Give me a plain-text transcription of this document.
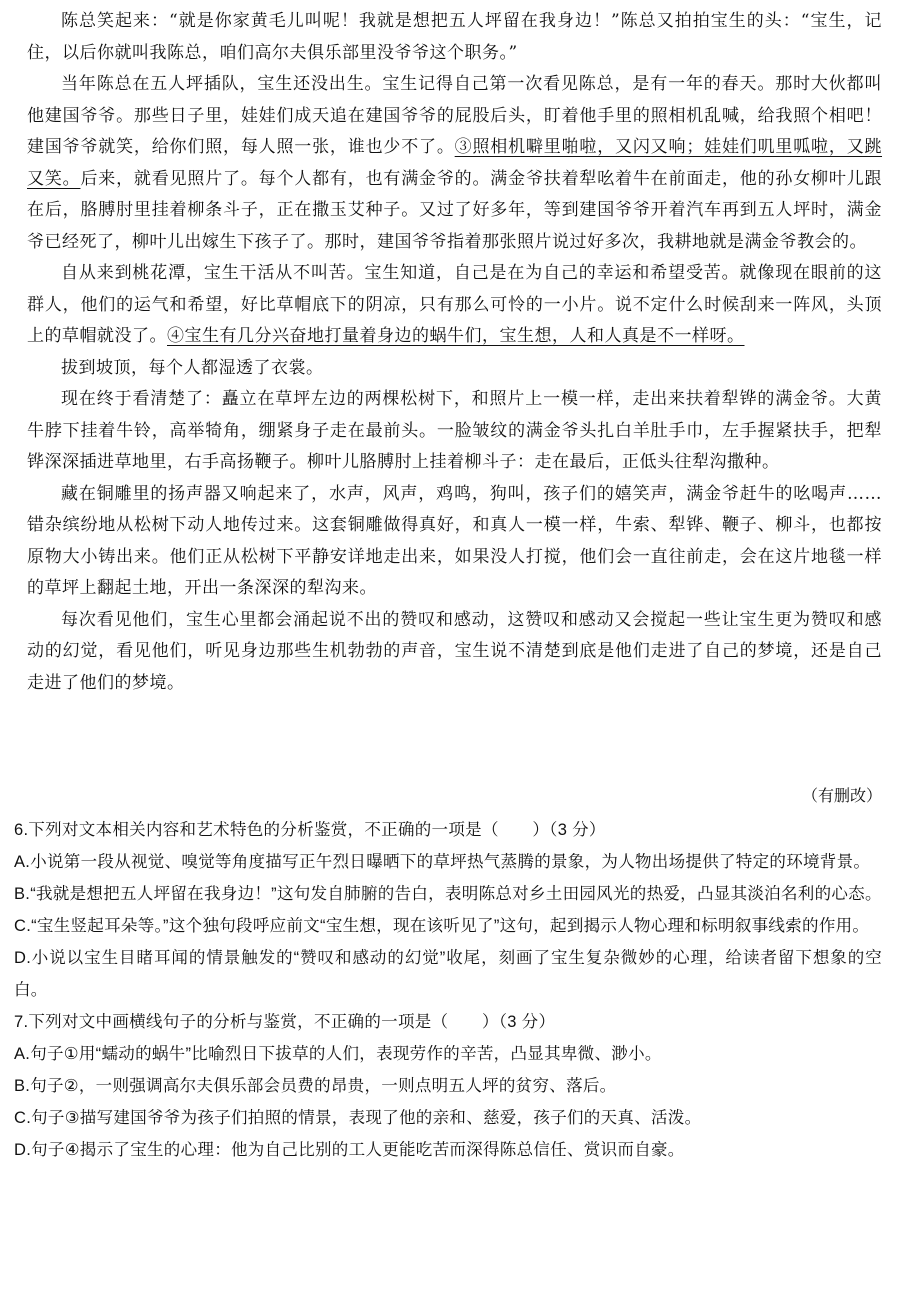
陈总笑起来：“就是你家黄毛儿叫呢！我就是想把五人坪留在我身边！”陈总又拍拍宝生的头：“宝生，记住，以后你就叫我陈总，咱们高尔夫俱乐部里没爷爷这个职务。”

当年陈总在五人坪插队，宝生还没出生。宝生记得自己第一次看见陈总，是有一年的春天。那时大伙都叫他建国爷爷。那些日子里，娃娃们成天追在建国爷爷的屁股后头，盯着他手里的照相机乱喊，给我照个相吧！建国爷爷就笑，给你们照，每人照一张，谁也少不了。③照相机噼里啪啦，又闪又响；娃娃们叽里呱啦，又跳又笑。后来，就看见照片了。每个人都有，也有满金爷的。满金爷扶着犁吆着牛在前面走，他的孙女柳叶儿跟在后，胳膊肘里挂着柳条斗子，正在撒玉艾种子。又过了好多年，等到建国爷爷开着汽车再到五人坪时，满金爷已经死了，柳叶儿出嫁生下孩子了。那时，建国爷爷指着那张照片说过好多次，我耕地就是满金爷教会的。

自从来到桃花潭，宝生干活从不叫苦。宝生知道，自己是在为自己的幸运和希望受苦。就像现在眼前的这群人，他们的运气和希望，好比草帽底下的阴凉，只有那么可怜的一小片。说不定什么时候刮来一阵风，头顶上的草帽就没了。④宝生有几分兴奋地打量着身边的蜗牛们，宝生想，人和人真是不一样呀。

拔到坡顶，每个人都湿透了衣裳。

现在终于看清楚了：矗立在草坪左边的两棵松树下，和照片上一模一样，走出来扶着犁铧的满金爷。大黄牛脖下挂着牛铃，高举犄角，绷紧身子走在最前头。一脸皱纹的满金爷头扎白羊肚手巾，左手握紧扶手，把犁铧深深插进草地里，右手高扬鞭子。柳叶儿胳膊肘上挂着柳斗子：走在最后，正低头往犁沟撒种。

藏在铜雕里的扬声器又响起来了，水声，风声，鸡鸣，狗叫，孩子们的嬉笑声，满金爷赶牛的吆喝声……错杂缤纷地从松树下动人地传过来。这套铜雕做得真好，和真人一模一样，牛索、犁铧、鞭子、柳斗，也都按原物大小铸出来。他们正从松树下平静安详地走出来，如果没人打搅，他们会一直往前走，会在这片地毯一样的草坪上翻起土地，开出一条深深的犁沟来。

每次看见他们，宝生心里都会涌起说不出的赞叹和感动，这赞叹和感动又会搅起一些让宝生更为赞叹和感动的幻觉，看见他们，听见身边那些生机勃勃的声音，宝生说不清楚到底是他们走进了自己的梦境，还是自己走进了他们的梦境。

（有删改）

6.下列对文本相关内容和艺术特色的分析鉴赏，不正确的一项是（　　）（3 分）

A.小说第一段从视觉、嗅觉等角度描写正午烈日曝晒下的草坪热气蒸腾的景象，为人物出场提供了特定的环境背景。

B.“我就是想把五人坪留在我身边！”这句发自肺腑的告白，表明陈总对乡土田园风光的热爱，凸显其淡泊名利的心态。

C.“宝生竖起耳朵等。”这个独句段呼应前文“宝生想，现在该听见了”这句，起到揭示人物心理和标明叙事线索的作用。

D.小说以宝生目睹耳闻的情景触发的“赞叹和感动的幻觉”收尾，刻画了宝生复杂微妙的心理，给读者留下想象的空白。

7.下列对文中画横线句子的分析与鉴赏，不正确的一项是（　　）（3 分）

A.句子①用“蠕动的蜗牛”比喻烈日下拔草的人们，表现劳作的辛苦，凸显其卑微、渺小。

B.句子②，一则强调高尔夫俱乐部会员费的昂贵，一则点明五人坪的贫穷、落后。

C.句子③描写建国爷爷为孩子们拍照的情景，表现了他的亲和、慈爱，孩子们的天真、活泼。

D.句子④揭示了宝生的心理：他为自己比别的工人更能吃苦而深得陈总信任、赏识而自豪。
